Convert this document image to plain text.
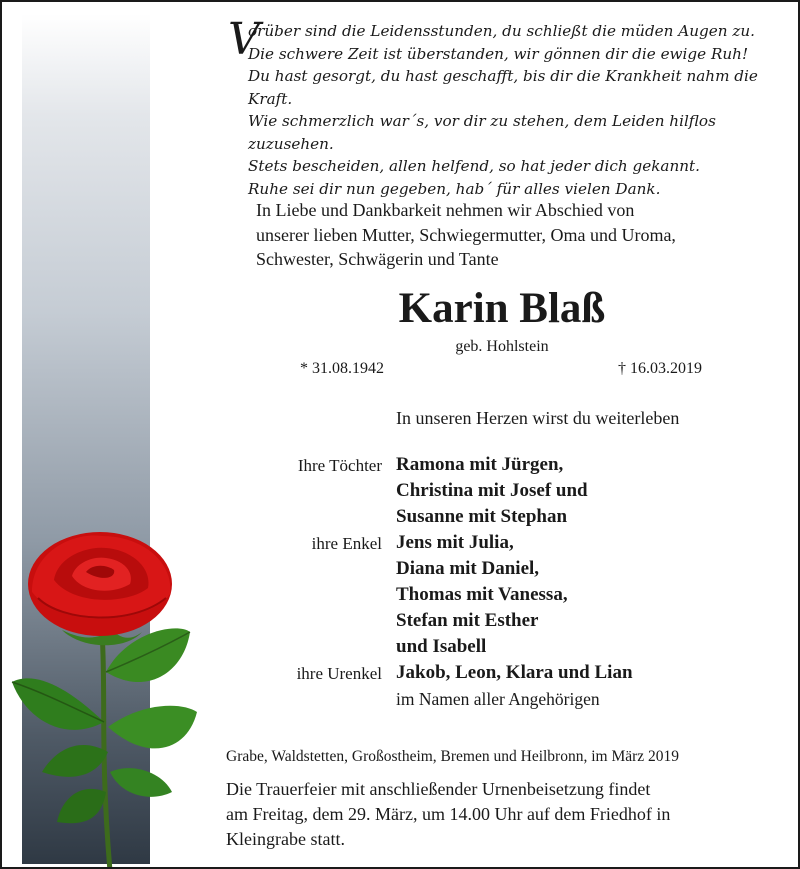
V
orüber sind die Leidensstunden, du schließt die müden Augen zu.
Die schwere Zeit ist überstanden, wir gönnen dir die ewige Ruh!
Du hast gesorgt, du hast geschafft, bis dir die Krankheit nahm die Kraft.
Wie schmerzlich war´s, vor dir zu stehen, dem Leiden hilflos zuzusehen.
Stets bescheiden, allen helfend, so hat jeder dich gekannt.
Ruhe sei dir nun gegeben, hab´ für alles vielen Dank.
In Liebe und Dankbarkeit nehmen wir Abschied von
unserer lieben Mutter, Schwiegermutter, Oma und Uroma,
Schwester, Schwägerin und Tante
Karin Blaß
geb. Hohlstein
* 31.08.1942	† 16.03.2019
In unseren Herzen wirst du weiterleben
Ihre Töchter Ramona mit Jürgen,
Christina mit Josef und
Susanne mit Stephan
ihre Enkel Jens mit Julia,
Diana mit Daniel,
Thomas mit Vanessa,
Stefan mit Esther
und Isabell
ihre Urenkel Jakob, Leon, Klara und Lian
im Namen aller Angehörigen
Grabe, Waldstetten, Großostheim, Bremen und Heilbronn, im März 2019
Die Trauerfeier mit anschließender Urnenbeisetzung findet
am Freitag, dem 29. März, um 14.00 Uhr auf dem Friedhof in
Kleingrabe statt.
